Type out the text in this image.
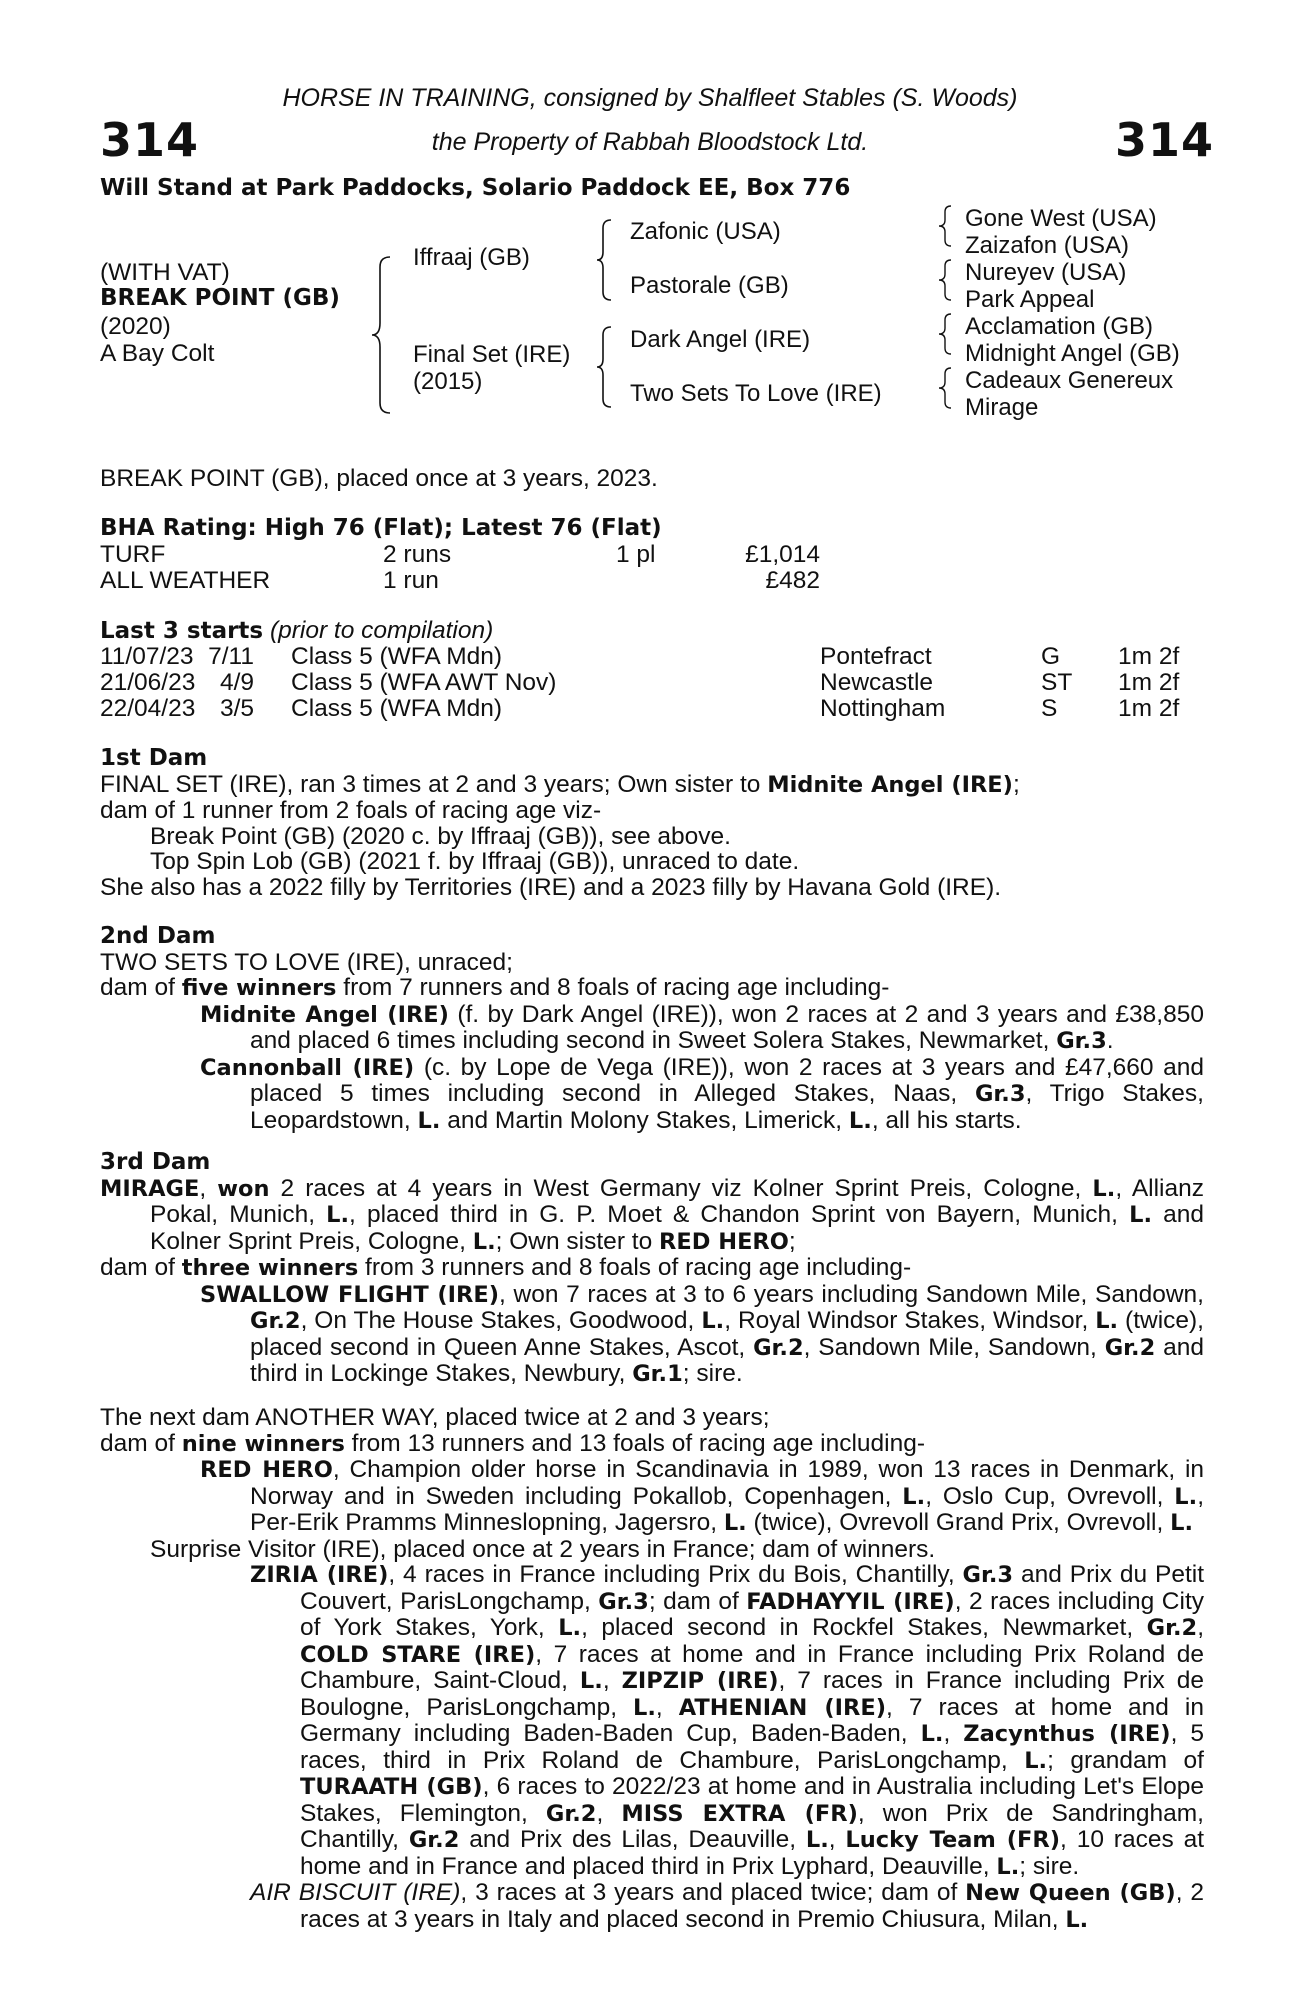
314	314
HORSE IN TRAINING, consigned by Shalfleet Stables (S. Woods)
the Property of Rabbah Bloodstock Ltd.
Will Stand at Park Paddocks, Solario Paddock EE, Box 776
(WITH VAT)
BREAK POINT (GB)
(2020)
A Bay Colt
Iffraaj (GB)
Final Set (IRE)
(2015)
Zafonic (USA)
Pastorale (GB)
Dark Angel (IRE)
Two Sets To Love (IRE)
Gone West (USA)
Zaizafon (USA)
Nureyev (USA)
Park Appeal
Acclamation (GB)
Midnight Angel (GB)
Cadeaux Genereux
Mirage
BREAK POINT (GB), placed once at 3 years, 2023.
BHA Rating: High 76 (Flat); Latest 76 (Flat)
TURF	2 runs	1 pl	£1,014
ALL WEATHER	1 run	£482
Last 3 starts (prior to compilation)
11/07/23 7/11 Class 5 (WFA Mdn)	Pontefract	G 1m 2f
21/06/23	4/9 Class 5 (WFA AWT Nov)	Newcastle	ST 1m 2f
22/04/23	3/5 Class 5 (WFA Mdn)	Nottingham	S 1m 2f

1st Dam

FINAL SET (IRE), ran 3 times at 2 and 3 years; Own sister to Midnite Angel (IRE);

dam of 1 runner from 2 foals of racing age viz-

Break Point (GB) (2020 c. by Iffraaj (GB)), see above.

Top Spin Lob (GB) (2021 f. by Iffraaj (GB)), unraced to date.

She also has a 2022 filly by Territories (IRE) and a 2023 filly by Havana Gold (IRE).

2nd Dam

TWO SETS TO LOVE (IRE), unraced;

dam of five winners from 7 runners and 8 foals of racing age including-

Midnite Angel (IRE) (f. by Dark Angel (IRE)), won 2 races at 2 and 3 years and £38,850 and placed 6 times including second in Sweet Solera Stakes, Newmarket, Gr.3.

Cannonball (IRE) (c. by Lope de Vega (IRE)), won 2 races at 3 years and £47,660 and placed 5 times including second in Alleged Stakes, Naas, Gr.3, Trigo Stakes, Leopardstown, L. and Martin Molony Stakes, Limerick, L., all his starts.

3rd Dam

MIRAGE, won 2 races at 4 years in West Germany viz Kolner Sprint Preis, Cologne, L., Allianz Pokal, Munich, L., placed third in G. P. Moet & Chandon Sprint von Bayern, Munich, L. and Kolner Sprint Preis, Cologne, L.; Own sister to RED HERO;

dam of three winners from 3 runners and 8 foals of racing age including-

SWALLOW FLIGHT (IRE), won 7 races at 3 to 6 years including Sandown Mile, Sandown, Gr.2, On The House Stakes, Goodwood, L., Royal Windsor Stakes, Windsor, L. (twice), placed second in Queen Anne Stakes, Ascot, Gr.2, Sandown Mile, Sandown, Gr.2 and third in Lockinge Stakes, Newbury, Gr.1; sire.

The next dam ANOTHER WAY, placed twice at 2 and 3 years;

dam of nine winners from 13 runners and 13 foals of racing age including-

RED HERO, Champion older horse in Scandinavia in 1989, won 13 races in Denmark, in Norway and in Sweden including Pokallob, Copenhagen, L., Oslo Cup, Ovrevoll, L., Per-Erik Pramms Minneslopning, Jagersro, L. (twice), Ovrevoll Grand Prix, Ovrevoll, L.

Surprise Visitor (IRE), placed once at 2 years in France; dam of winners.

ZIRIA (IRE), 4 races in France including Prix du Bois, Chantilly, Gr.3 and Prix du Petit Couvert, ParisLongchamp, Gr.3; dam of FADHAYYIL (IRE), 2 races including City of York Stakes, York, L., placed second in Rockfel Stakes, Newmarket, Gr.2, COLD STARE (IRE), 7 races at home and in France including Prix Roland de Chambure, Saint-Cloud, L., ZIPZIP (IRE), 7 races in France including Prix de Boulogne, ParisLongchamp, L., ATHENIAN (IRE), 7 races at home and in Germany including Baden-Baden Cup, Baden-Baden, L., Zacynthus (IRE), 5 races, third in Prix Roland de Chambure, ParisLongchamp, L.; grandam of TURAATH (GB), 6 races to 2022/23 at home and in Australia including Let's Elope Stakes, Flemington, Gr.2, MISS EXTRA (FR), won Prix de Sandringham, Chantilly, Gr.2 and Prix des Lilas, Deauville, L., Lucky Team (FR), 10 races at home and in France and placed third in Prix Lyphard, Deauville, L.; sire.

AIR BISCUIT (IRE), 3 races at 3 years and placed twice; dam of New Queen (GB), 2 races at 3 years in Italy and placed second in Premio Chiusura, Milan, L.
